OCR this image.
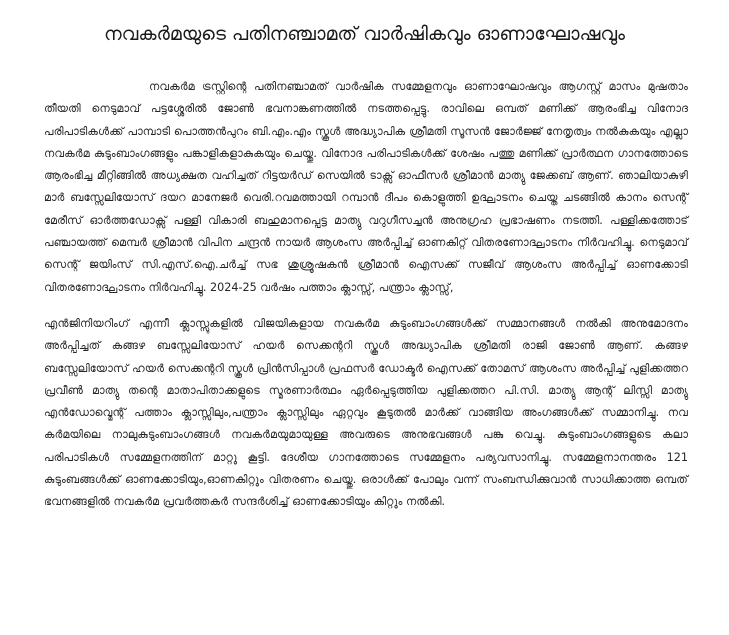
നവകർമയുടെ പതിനഞ്ചാമത് വാർഷികവും ഓണാഘോഷവും

നവകർമ ട്രസ്റ്റിന്റെ പതിനഞ്ചാമത് വാർഷിക സമ്മേളനവും ഓണാഘോഷവും ആഗസ്റ്റ് മാസം മുഷതാം തീയതി നെടുമാവ് പട്ടശ്ശേരിൽ ജോൺ ഭവനാങ്കണത്തിൽ നടത്തപ്പെട്ടു. രാവിലെ ഒമ്പത് മണിക്ക് ആരംഭിച്ച വിനോദ പരിപാടികൾക്ക് പാമ്പാടി പൊത്തൻപുറം ബി.എം.എം സ്കൂൾ അദ്ധ്യാപിക ശ്രീമതി സൂസൻ ജോർജ്ജ് നേതൃത്വം നൽകുകയും എല്ലാ നവകർമ കുടുംബാംഗങ്ങളും പങ്കാളികളാകുകയും ചെയ്തു. വിനോദ പരിപാടികൾക്ക് ശേഷം പത്തു മണിക്ക് പ്രാർത്ഥന ഗാനത്തോടെ ആരംഭിച്ച മീറ്റിങ്ങിൽ അധ്യക്ഷത വഹിച്ചത് റിട്ടയർഡ് സെയിൽ ടാക്സ് ഓഫീസർ ശ്രീമാൻ മാത്യു ജേക്കബ് ആണ്. ഞാലിയാകുഴി മാർ ബസ്സേലിയോസ് ദയറ മാനേജർ വെരി.റവമത്തായി റമ്പാൻ ദീപം കൊളുത്തി ഉദ്ഘാടനം ചെയ്ത ചടങ്ങിൽ കാനം സെന്റ് മേരീസ് ഓർത്തഡോക്സ് പള്ളി വികാരി ബഹുമാനപ്പെട്ട മാത്യു വറുഗീസച്ചൻ അനുഗ്രഹ പ്രഭാഷണം നടത്തി. പള്ളിക്കത്തോട് പഞ്ചായത്ത് മെമ്പർ ശ്രീമാൻ വിപിന ചന്ദ്രൻ നായർ ആശംസ അർപ്പിച്ച് ഓണകിറ്റ് വിതരണോദ്ഘാടനം നിർവഹിച്ചു. നെടുമാവ് സെന്റ് ജയിംസ് സി.എസ്.ഐ.ചർച്ച് സഭ ശുശ്രൂഷകൻ ശ്രീമാൻ ഐസക്ക് സജീവ് ആശംസ അർപ്പിച്ച് ഓണക്കോടി വിതരണോദ്ഘാടനം നിർവഹിച്ചു. 2024-25 വർഷം പത്താം ക്ലാസ്സ്, പന്ത്രാം ക്ലാസ്സ്,

എൻജിനിയറിംഗ് എന്നീ ക്ലാസ്സുകളിൽ വിജയികളായ നവകർമ കുടുംബാംഗങ്ങൾക്ക് സമ്മാനങ്ങൾ നൽകി അനുമോദനം അർപ്പിച്ചത് കങ്ങഴ ബസ്സേലിയോസ് ഹയർ സെക്കന്ററി സ്കൂൾ അദ്ധ്യാപിക ശ്രീമതി രാജി ജോൺ ആണ്. കങ്ങഴ ബസ്സേലിയോസ് ഹയർ സെക്കന്ററി സ്കൂൾ പ്രിൻസിപ്പാൾ പ്രഫസർ ഡോക്ടർ ഐസക്ക് തോമസ് ആശംസ അർപ്പിച്ച് പുളിക്കത്തറ പ്രവീൺ മാത്യു തന്റെ മാതാപിതാക്കളുടെ സ്മരണാർത്ഥം ഏർപ്പെടുത്തിയ പുളിക്കത്തറ പി.സി. മാത്യു ആന്റ് ലിസ്സി മാത്യു എൻഡോവ്മെന്റ് പത്താം ക്ലാസ്സിലും,പന്ത്രാം ക്ലാസ്സിലും ഏറ്റവും കൂടുതൽ മാർക്ക് വാങ്ങിയ അംഗങ്ങൾക്ക് സമ്മാനിച്ചു. നവ കർമയിലെ നാലുകുടുംബാംഗങ്ങൾ നവകർമയുമായുള്ള അവരുടെ അനുഭവങ്ങൾ പങ്കു വെച്ചു. കുടുംബാംഗങ്ങളുടെ കലാ പരിപാടികൾ സമ്മേളനത്തിന് മാറ്റു കൂട്ടി. ദേശീയ ഗാനത്തോടെ സമ്മേളനം പര്യവസാനിച്ചു. സമ്മേളനാനന്തരം 121 കുടുംബങ്ങൾക്ക് ഓണക്കോടിയും,ഓണകിറ്റും വിതരണം ചെയ്തു. ഒരാൾക്ക് പോലും വന്ന് സംബന്ധിക്കുവാൻ സാധിക്കാത്ത ഒമ്പത് ഭവനങ്ങളിൽ നവകർമ പ്രവർത്തകർ സന്ദർശിച്ച് ഓണക്കോടിയും കിറ്റും നൽകി.
